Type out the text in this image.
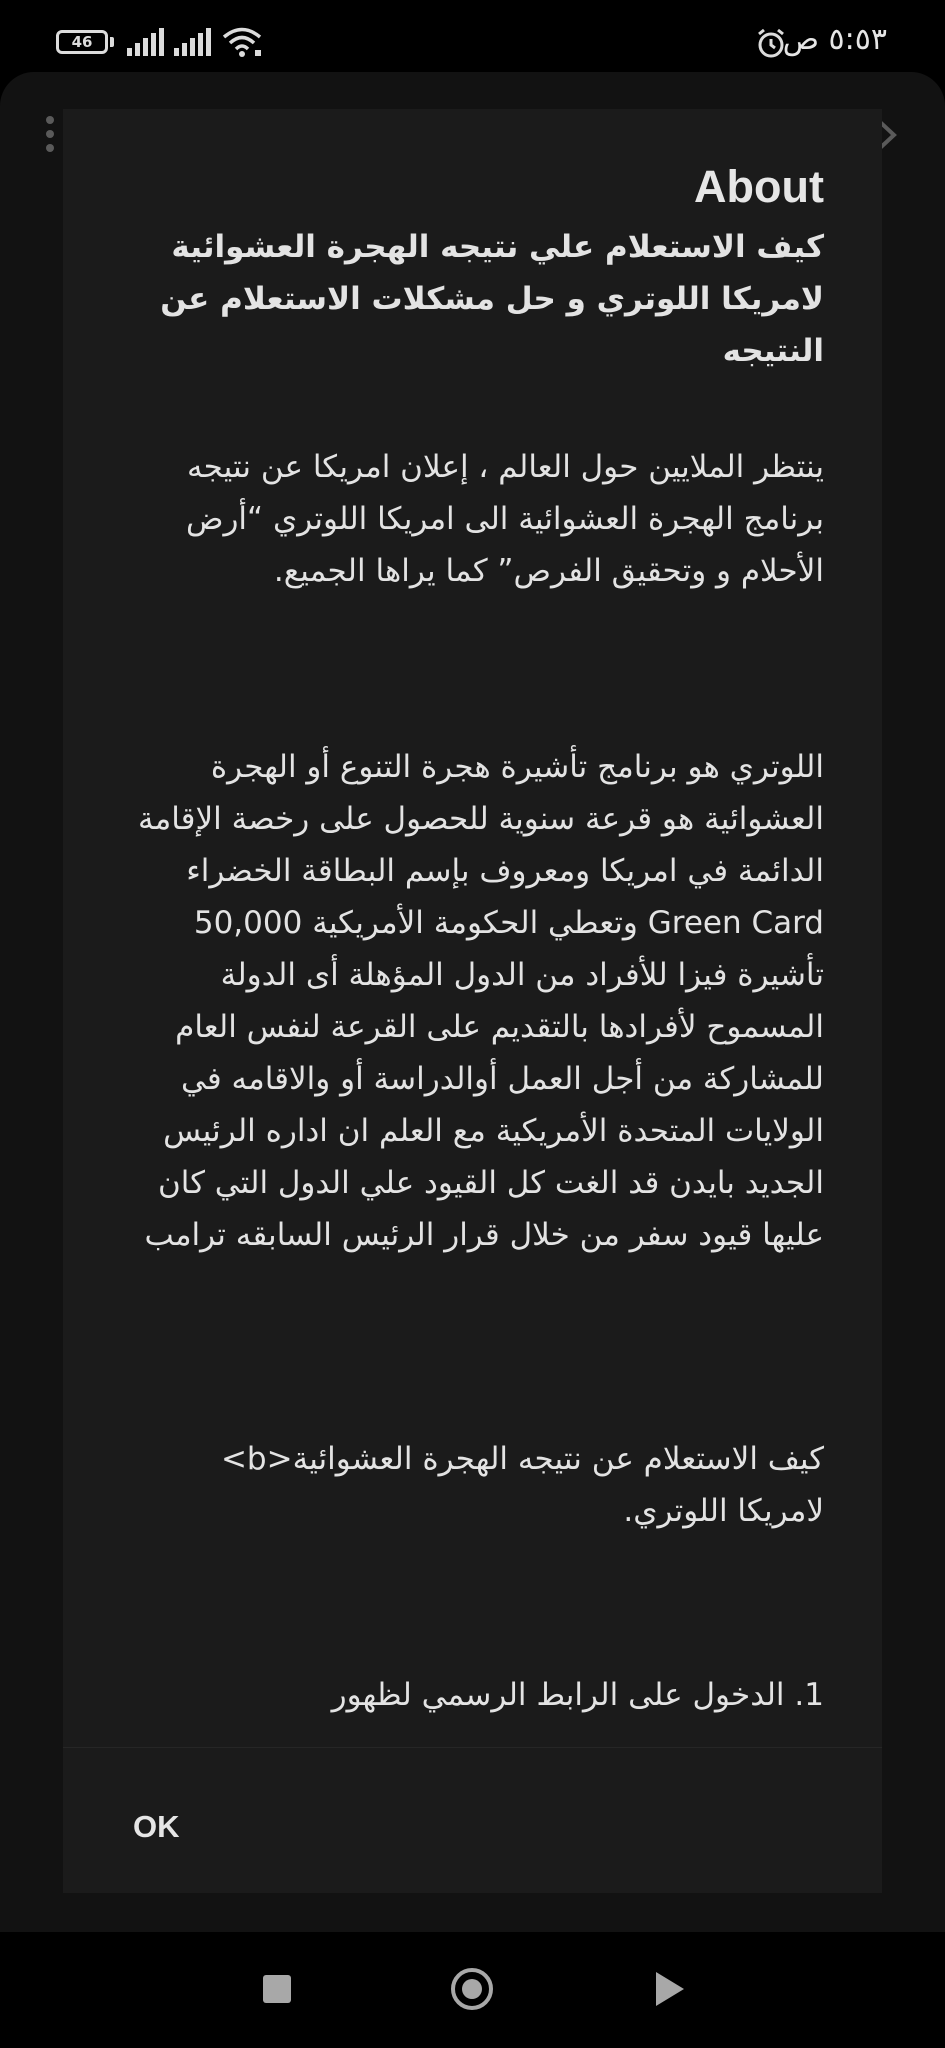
46	٥:٥٣ ص
About
كيف الاستعلام علي نتيجه الهجرة العشوائية لامريكا اللوتري و حل مشكلات الاستعلام عن النتيجه
ينتظر الملايين حول العالم ، إعلان امريكا عن نتيجه برنامج الهجرة العشوائية الى امريكا اللوتري “أرض الأحلام و وتحقيق الفرص” كما يراها الجميع.
اللوتري هو برنامج تأشيرة هجرة التنوع أو الهجرة العشوائية هو قرعة سنوية للحصول على رخصة الإقامة الدائمة في امريكا ومعروف بإسم البطاقة الخضراء Green Card وتعطي الحكومة الأمريكية 50,000 تأشيرة فيزا للأفراد من الدول المؤهلة أى الدولة المسموح لأفرادها بالتقديم على القرعة لنفس العام للمشاركة من أجل العمل أوالدراسة أو والاقامه في الولايات المتحدة الأمريكية مع العلم ان اداره الرئيس الجديد بايدن قد الغت كل القيود علي الدول التي كان عليها قيود سفر من خلال قرار الرئيس السابقه ترامب
كيف الاستعلام عن نتيجه الهجرة العشوائية<b> لامريكا اللوتري.
1. الدخول على الرابط الرسمي لظهور
OK
